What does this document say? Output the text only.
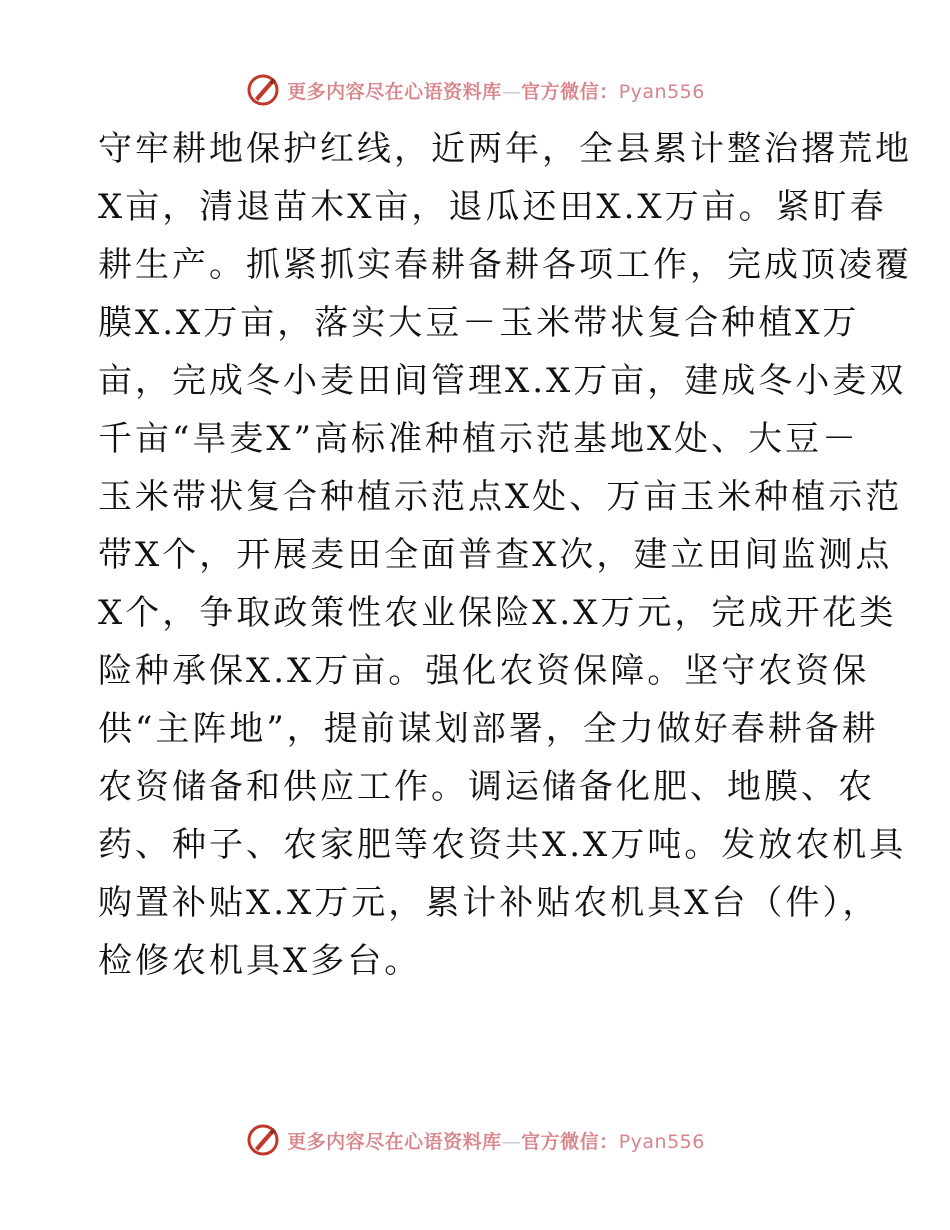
更多内容尽在心语资料库—官方微信：Pyan556
守牢耕地保护红线，近两年，全县累计整治撂荒地
X亩，清退苗木X亩，退瓜还田X.X万亩。紧盯春
耕生产。抓紧抓实春耕备耕各项工作，完成顶凌覆
膜X.X万亩，落实大豆－玉米带状复合种植X万
亩，完成冬小麦田间管理X.X万亩，建成冬小麦双
千亩“旱麦X”高标准种植示范基地X处、大豆－
玉米带状复合种植示范点X处、万亩玉米种植示范
带X个，开展麦田全面普查X次，建立田间监测点
X个，争取政策性农业保险X.X万元，完成开花类
险种承保X.X万亩。强化农资保障。坚守农资保
供“主阵地”，提前谋划部署，全力做好春耕备耕
农资储备和供应工作。调运储备化肥、地膜、农
药、种子、农家肥等农资共X.X万吨。发放农机具
购置补贴X.X万元，累计补贴农机具X台（件），
检修农机具X多台。
更多内容尽在心语资料库—官方微信：Pyan556
